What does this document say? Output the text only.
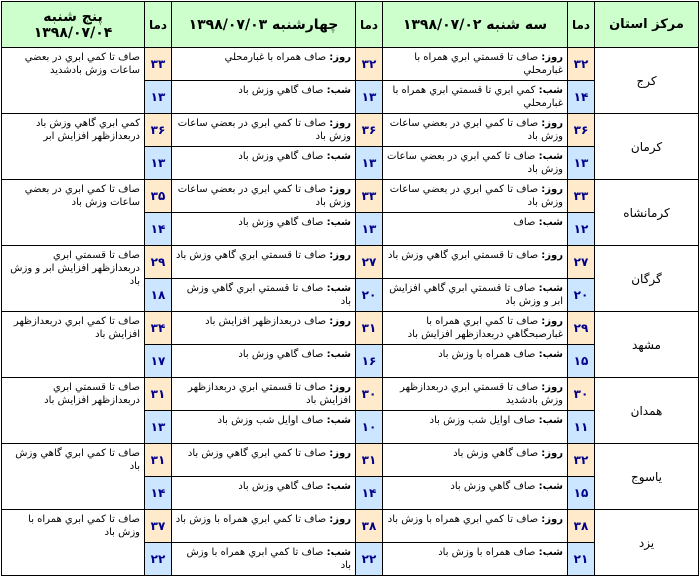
مرکز استان	دما	سه شنبه ۱۳۹۸/۰۷/۰۲	دما	چهارشنبه ۱۳۹۸/۰۷/۰۳	دما	پنج شنبه ۱۳۹۸/۰۷/۰۴
کرج	۳۲	روز: صاف تا قسمتي ابري همراه با غبارمحلي	۳۲	روز: صاف همراه با غبارمحلي	۳۳	صاف تا كمي ابري در بعضي ساعات وزش بادشديد
	۱۴	شب: كمي ابري تا قسمتي ابري همراه با غبارمحلي	۱۳	شب: صاف گاهي وزش باد	۱۳	
کرمان	۳۶	روز: صاف تا كمي ابري در بعضي ساعات وزش باد	۳۶	روز: صاف تا كمي ابري در بعضي ساعات وزش باد	۳۶	كمي ابري گاهي وزش باد دربعدازظهر افزايش ابر
	۱۳	شب: صاف تا كمي ابري در بعضي ساعات وزش باد	۱۳	شب: صاف گاهي وزش باد	۱۳	
کرمانشاه	۳۳	روز: صاف تا كمي ابري در بعضي ساعات وزش باد	۳۳	روز: صاف تا كمي ابري در بعضي ساعات وزش باد	۳۵	صاف تا كمي ابري در بعضي ساعات وزش باد
	۱۲	شب: صاف	۱۳	شب: صاف گاهي وزش باد	۱۴	
گرگان	۲۷	روز: صاف تا قسمتي ابري گاهي وزش باد	۲۷	روز: صاف تا قسمتي ابري گاهي وزش باد	۲۹	صاف تا قسمتي ابري دربعدازظهر افزايش ابر و وزش باد
	۲۰	شب: صاف تا قسمتي ابري گاهي افزايش ابر و وزش باد	۲۰	شب: صاف تا قسمتي ابري گاهي وزش باد	۱۸	
مشهد	۲۹	روز: صاف تا كمي ابري همراه با غبارصبحگاهي دربعدازظهر افزايش باد	۳۱	روز: صاف دربعدازظهر افزايش باد	۳۴	صاف تا كمي ابري دربعدازظهر افزايش باد
	۱۵	شب: صاف همراه با وزش باد	۱۶	شب: صاف گاهي وزش باد	۱۷	
همدان	۳۰	روز: صاف تا قسمتي ابري دربعدازظهر وزش بادشديد	۳۰	روز: صاف تا قسمتي ابري دربعدازظهر افزايش باد	۳۱	صاف تا قسمتي ابري دربعدازظهر افزايش باد
	۱۱	شب: صاف اوايل شب وزش باد	۱۰	شب: صاف اوايل شب وزش باد	۱۳	
یاسوج	۳۲	روز: صاف گاهي وزش باد	۳۱	روز: صاف تا كمي ابري گاهي وزش باد	۳۱	صاف تا كمي ابري گاهي وزش باد
	۱۵	شب: صاف گاهي وزش باد	۱۴	شب: صاف گاهي وزش باد	۱۴	
یزد	۳۸	روز: صاف تا كمي ابري همراه با وزش باد	۳۸	روز: صاف تا كمي ابري همراه با وزش باد	۳۷	صاف تا كمي ابري همراه با وزش باد
	۲۱	شب: صاف همراه با وزش باد	۲۲	شب: صاف تا كمي ابري همراه با وزش باد	۲۲	
